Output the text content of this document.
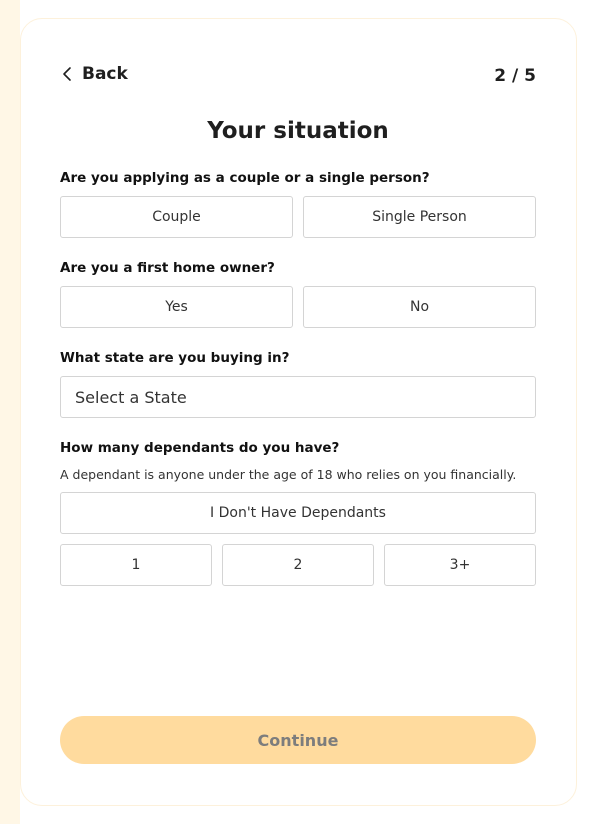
Back	2 / 5
Your situation
Are you applying as a couple or a single person?
Couple	Single Person
Are you a first home owner?
Yes	No
What state are you buying in?
Select a State
How many dependants do you have?
A dependant is anyone under the age of 18 who relies on you financially.
I Don't Have Dependants
1	2	3+
Continue
